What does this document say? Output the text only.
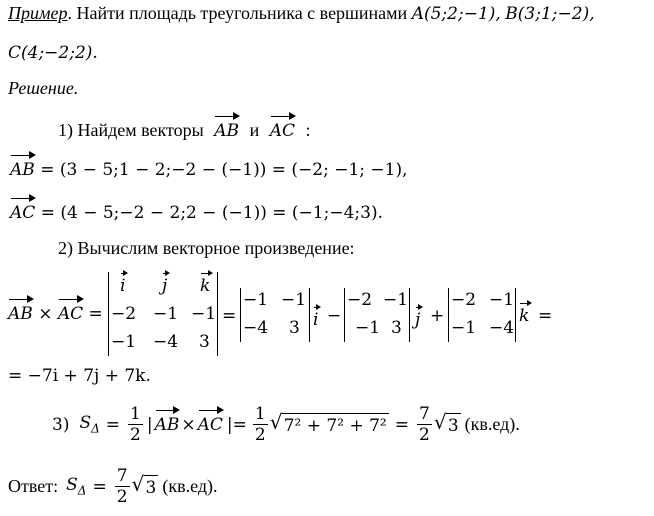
Пример. Найти площадь треугольника с вершинами A(5;2;−1), B(3;1;−2),
C(4;−2;2).
Решение.
1) Найдем векторы AB и AC :
AB = (3 − 5;1 − 2;−2 − (−1)) = (−2; −1; −1),
AC = (4 − 5;−2 − 2;2 − (−1)) = (−1;−4;3).
2) Вычислим векторное произведение:
AB × AC =
i j k
−2 −1 −1
−1 −4 3
=
−1 −1
−4 3 i −
−2 −1
−1 3 j +
−2 −1
−1 −4
k =
= −7i + 7j + 7k.
3) $S_\Delta = \frac{1}{2}$ | AB × AC |= $\frac{1}{2}$ √ $7^2 + 7^2 + 7^2 = \frac{7}{2}$ √ 3 (кв.ед).
Ответ: $S_\Delta = \frac{7}{2}$ √ 3 (кв.ед).
